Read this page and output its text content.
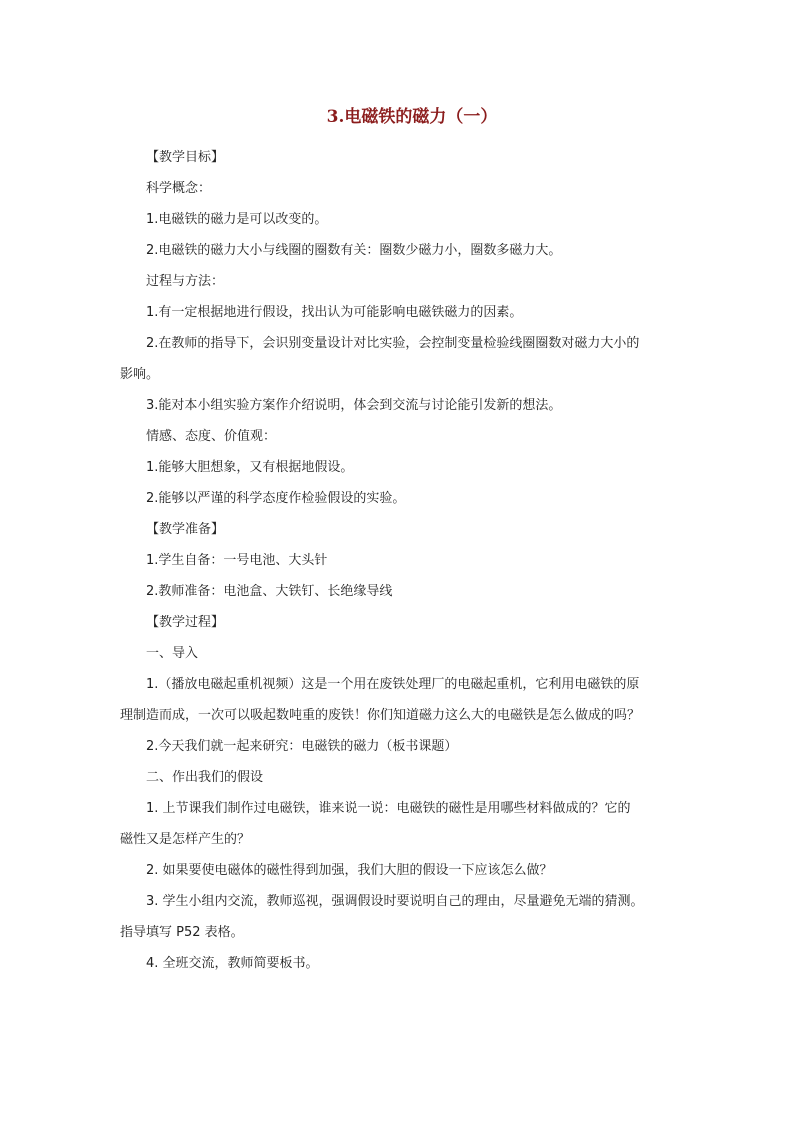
3.电磁铁的磁力（一）
【教学目标】
科学概念：
1.电磁铁的磁力是可以改变的。
2.电磁铁的磁力大小与线圈的圈数有关：圈数少磁力小，圈数多磁力大。
过程与方法：
1.有一定根据地进行假设，找出认为可能影响电磁铁磁力的因素。
2.在教师的指导下，会识别变量设计对比实验，会控制变量检验线圈圈数对磁力大小的
影响。
3.能对本小组实验方案作介绍说明，体会到交流与讨论能引发新的想法。
情感、态度、价值观：
1.能够大胆想象，又有根据地假设。
2.能够以严谨的科学态度作检验假设的实验。
【教学准备】
1.学生自备：一号电池、大头针
2.教师准备：电池盒、大铁钉、长绝缘导线
【教学过程】
一、导入
1.（播放电磁起重机视频）这是一个用在废铁处理厂的电磁起重机，它利用电磁铁的原
理制造而成，一次可以吸起数吨重的废铁！你们知道磁力这么大的电磁铁是怎么做成的吗？
2.今天我们就一起来研究：电磁铁的磁力（板书课题）
二、作出我们的假设
1. 上节课我们制作过电磁铁，谁来说一说：电磁铁的磁性是用哪些材料做成的？它的
磁性又是怎样产生的？
2. 如果要使电磁体的磁性得到加强，我们大胆的假设一下应该怎么做？
3. 学生小组内交流，教师巡视，强调假设时要说明自己的理由，尽量避免无端的猜测。
指导填写 P52 表格。
4. 全班交流，教师简要板书。
